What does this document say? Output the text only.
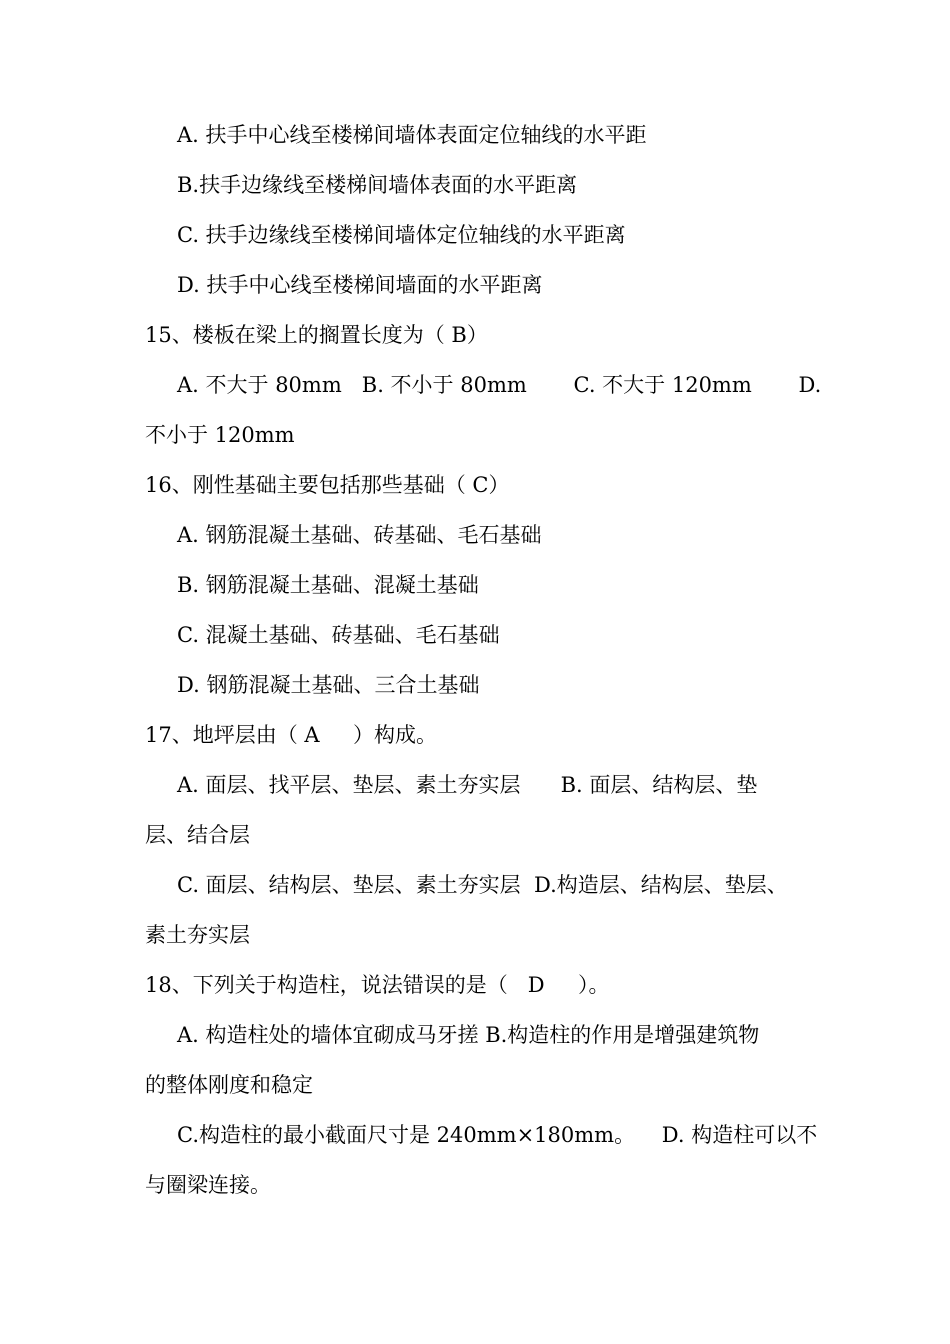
A. 扶手中心线至楼梯间墙体表面定位轴线的水平距
B.扶手边缘线至楼梯间墙体表面的水平距离
C. 扶手边缘线至楼梯间墙体定位轴线的水平距离
D. 扶手中心线至楼梯间墙面的水平距离
15、楼板在梁上的搁置长度为（ B）
A. 不大于 80mm   B. 不小于 80mm       C. 不大于 120mm       D.
不小于 120mm
16、刚性基础主要包括那些基础（ C）
A. 钢筋混凝土基础、砖基础、毛石基础
B. 钢筋混凝土基础、混凝土基础
C. 混凝土基础、砖基础、毛石基础
D. 钢筋混凝土基础、三合土基础
17、地坪层由（ A     ）构成。
A. 面层、找平层、垫层、素土夯实层      B. 面层、结构层、垫
层、结合层
C. 面层、结构层、垫层、素土夯实层  D.构造层、结构层、垫层、
素土夯实层
18、下列关于构造柱，说法错误的是（   D     ）。
A. 构造柱处的墙体宜砌成马牙搓 B.构造柱的作用是增强建筑物
的整体刚度和稳定
C.构造柱的最小截面尺寸是 240mm×180mm。    D. 构造柱可以不
与圈梁连接。
